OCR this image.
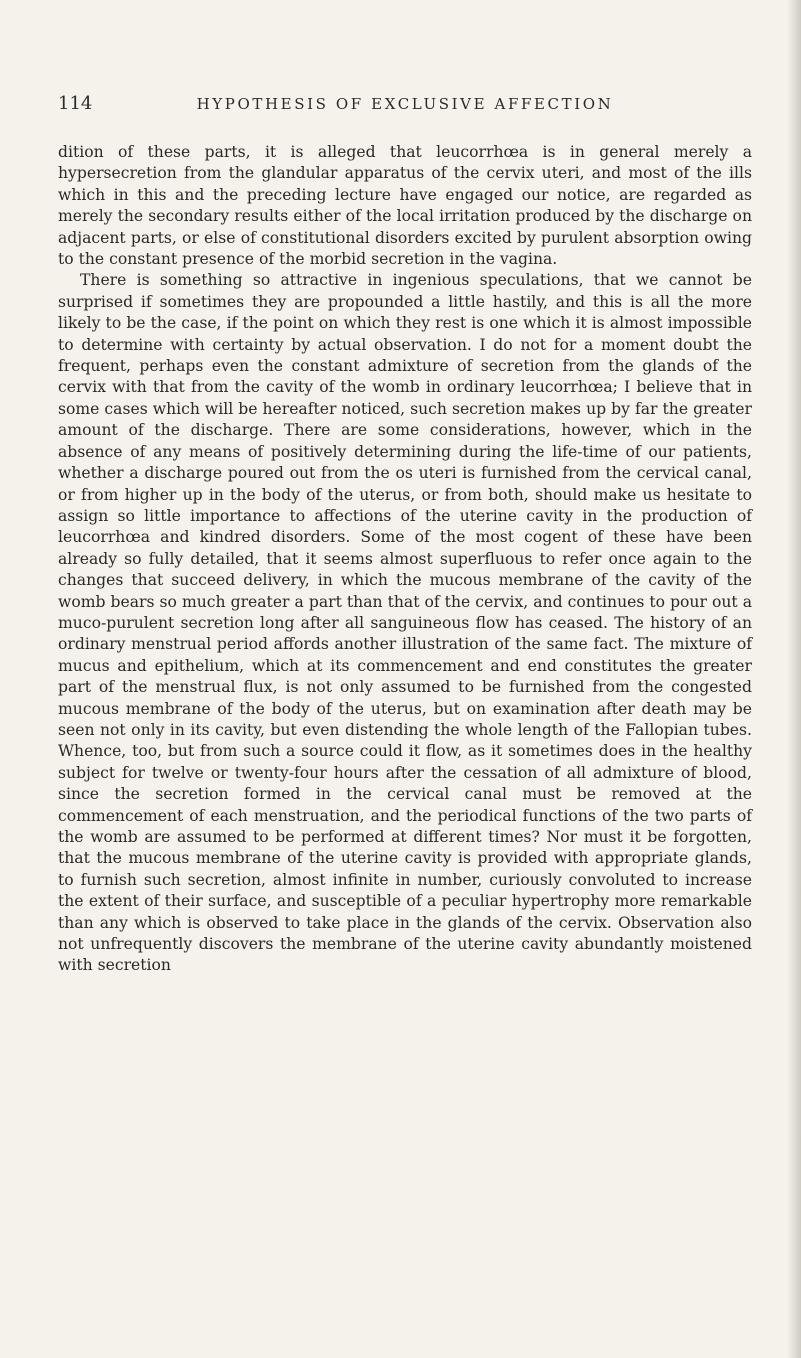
114	HYPOTHESIS OF EXCLUSIVE AFFECTION

dition of these parts, it is alleged that leucorrhœa is in general merely a hypersecretion from the glandular apparatus of the cervix uteri, and most of the ills which in this and the preceding lecture have engaged our notice, are regarded as merely the secondary results either of the local irritation produced by the discharge on adjacent parts, or else of constitutional disorders excited by purulent absorption owing to the constant presence of the morbid secretion in the vagina.

There is something so attractive in ingenious speculations, that we cannot be surprised if sometimes they are propounded a little hastily, and this is all the more likely to be the case, if the point on which they rest is one which it is almost impossible to determine with certainty by actual observation. I do not for a moment doubt the frequent, perhaps even the constant admixture of secretion from the glands of the cervix with that from the cavity of the womb in ordinary leucorrhœa; I believe that in some cases which will be hereafter noticed, such secretion makes up by far the greater amount of the discharge. There are some considerations, however, which in the absence of any means of positively determining during the life-time of our patients, whether a discharge poured out from the os uteri is furnished from the cervical canal, or from higher up in the body of the uterus, or from both, should make us hesitate to assign so little importance to affections of the uterine cavity in the production of leucorrhœa and kindred disorders. Some of the most cogent of these have been already so fully detailed, that it seems almost superfluous to refer once again to the changes that succeed delivery, in which the mucous membrane of the cavity of the womb bears so much greater a part than that of the cervix, and continues to pour out a muco-purulent secretion long after all sanguineous flow has ceased. The history of an ordinary menstrual period affords another illustration of the same fact. The mixture of mucus and epithelium, which at its commencement and end constitutes the greater part of the menstrual flux, is not only assumed to be furnished from the congested mucous membrane of the body of the uterus, but on examination after death may be seen not only in its cavity, but even distending the whole length of the Fallopian tubes. Whence, too, but from such a source could it flow, as it sometimes does in the healthy subject for twelve or twenty-four hours after the cessation of all admixture of blood, since the secretion formed in the cervical canal must be removed at the commencement of each menstruation, and the periodical functions of the two parts of the womb are assumed to be performed at different times? Nor must it be forgotten, that the mucous membrane of the uterine cavity is provided with appropriate glands, to furnish such secretion, almost infinite in number, curiously convoluted to increase the extent of their surface, and susceptible of a peculiar hypertrophy more remarkable than any which is observed to take place in the glands of the cervix. Observation also not unfrequently discovers the membrane of the uterine cavity abundantly moistened with secretion
